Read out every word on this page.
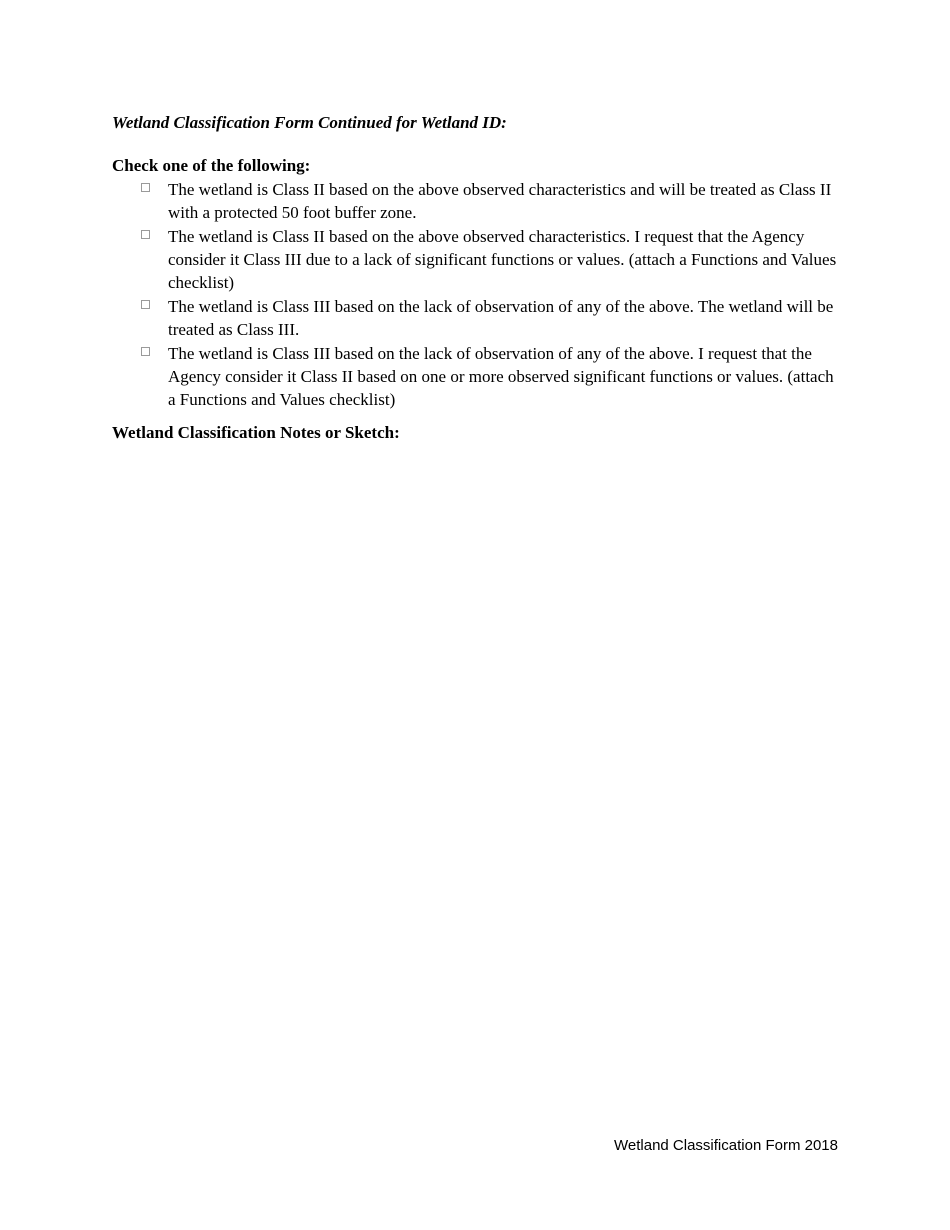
Wetland Classification Form Continued for Wetland ID:
Check one of the following:
The wetland is Class II based on the above observed characteristics and will be treated as Class II with a protected 50 foot buffer zone.
The wetland is Class II based on the above observed characteristics. I request that the Agency consider it Class III due to a lack of significant functions or values. (attach a Functions and Values checklist)
The wetland is Class III based on the lack of observation of any of the above. The wetland will be treated as Class III.
The wetland is Class III based on the lack of observation of any of the above. I request that the Agency consider it Class II based on one or more observed significant functions or values. (attach a Functions and Values checklist)
Wetland Classification Notes or Sketch:
Wetland Classification Form 2018
